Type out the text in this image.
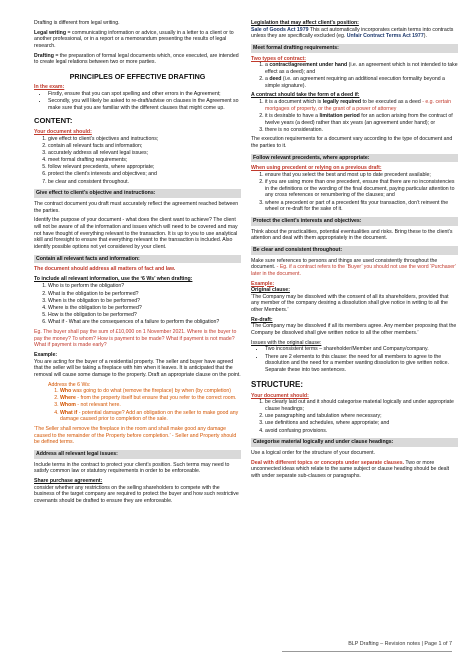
Drafting is different from legal writing.

Legal writing = communicating information or advice, usually in a letter to a client or to another professional, or in a report or a memorandum presenting the results of legal research.

Drafting = the preparation of formal legal documents which, once executed, are intended to create legal relations between two or more parties.

PRINCIPLES OF EFFECTIVE DRAFTING
In the exam:
• Firstly, ensure that you can spot spelling and other errors in the Agreement;
• Secondly, you will likely be asked to re-draft/advise on clauses in the Agreement so make sure that you are familiar with the different clauses that might come up.
CONTENT:
Your document should:
1. give effect to client’s objectives and instructions;
2. contain all relevant facts and information;
3. accurately address all relevant legal issues;
4. meet formal drafting requirements;
5. follow relevant precedents, where appropriate;
6. protect the client’s interests and objectives; and
7. be clear and consistent throughout.
Give effect to client’s objective and instructions:

The contract document you draft must accurately reflect the agreement reached between the parties.

Identify the purpose of your document - what does the client want to achieve? The client will not be aware of all the information and issues which will need to be covered and may not have thought of everything relevant to the transaction. It is up to you to use analytical skill and foresight to ensure that everything relevant to the transaction is included. Also identify possible options not yet considered by your client.

Contain all relevant facts and information:

The document should address all matters of fact and law.

To include all relevant information, use the ‘6 Ws’ when drafting:

1. Who is to perform the obligation?
2. What is the obligation to be performed?
3. When is the obligation to be performed?
4. Where is the obligation to be performed?
5. How is the obligation to be performed?
6. What if - What are the consequences of a failure to perform the obligation?

Eg. The buyer shall pay the sum of £10,000 on 1 November 2021. Where is the buyer to pay the money? To whom? How is payment to be made? What if payment is not made? What if payment is made early?

Example:

You are acting for the buyer of a residential property. The seller and buyer have agreed that the seller will be taking a fireplace with him when it leaves. It is anticipated that the removal will cause some damage to the property. Draft an appropriate clause on the point.

Address the 6 Ws:
1. Who was going to do what (remove the fireplace) by when (by completion)
2. Where - from the property itself but ensure that you refer to the correct room.
3. Whom - not relevant here.
4. What if - potential damage? Add an obligation on the seller to make good any damage caused prior to completion of the sale.

‘The Seller shall remove the fireplace in the room and shall make good any damage caused to the remainder of the Property before completion.’ - Seller and Property should be defined terms.

Address all relevant legal issues:

Include terms in the contract to protect your client’s position. Such terms may need to satisfy common law or statutory requirements in order to be enforceable.

Share purchase agreement:

consider whether any restrictions on the selling shareholders to compete with the business of the target company are required to protect the buyer and how such restrictive covenants should be drafted to ensure they are enforceable.

Legislation that may affect client’s position:

Sale of Goods Act 1979 This act automatically incorporates certain terms into contracts unless they are specifically excluded (eg. Unfair Contract Terms Act 1977).

Meet formal drafting requirements:
Two types of contract:
1. a contract/agreement under hand (i.e. an agreement which is not intended to take effect as a deed); and
2. a deed (i.e. an agreement requiring an additional execution formality beyond a simple signature).
A contract should take the form of a deed if:
1. it is a document which is legally required to be executed as a deed - e.g. certain mortgages of property, or the grant of a power of attorney
2. it is desirable to have a limitation period for an action arising from the contract of twelve years (a deed) rather than six years (an agreement under hand); or
3. there is no consideration.

The execution requirements for a document vary according to the type of document and the parties to it.

Follow relevant precedents, where appropriate:
When using precedent or relying on a previous draft:
1. ensure that you select the best and most up to date precedent available;
2. if you are using more than one precedent, ensure that there are no inconsistencies in the definitions or the wording of the final document, paying particular attention to any cross references or renumbering of the clauses; and
3. where a precedent or part of a precedent fits your transaction, don’t reinvent the wheel or re-draft for the sake of it.
Protect the client’s interests and objectives:

Think about the practicalities, potential eventualities and risks. Bring these to the client’s attention and deal with them appropriately in the document.

Be clear and consistent throughout:

Make sure references to persons and things are used consistently throughout the document. - Eg. if a contract refers to the ‘Buyer’ you should not use the word ‘Purchaser’ later in the document.

Example:
Original clause:

‘The Company may be dissolved with the consent of all its shareholders, provided that any member of the company desiring a dissolution shall give notice in writing to all the other Members.’

Re-draft:

‘The Company may be dissolved if all its members agree. Any member proposing that the Company be dissolved shall give written notice to all the other members.’

Issues with the original clause:
• Two inconsistent terms – shareholder/Member and Company/company.
• There are 2 elements to this clause: the need for all members to agree to the dissolution and the need for a member wanting dissolution to give written notice. Separate these into two sentences.
STRUCTURE:
Your document should:
1. be clearly laid out and it should categorise material logically and under appropriate clause headings;
2. use paragraphing and tabulation where necessary;
3. use definitions and schedules, where appropriate; and
4. avoid confusing provisions.
Categorise material logically and under clause headings:

Use a logical order for the structure of your document.

Deal with different topics or concepts under separate clauses. Two or more unconnected ideas which relate to the same subject or clause heading should be dealt with under separate sub-clauses or paragraphs.

BLP Drafting – Revision notes | Page 1 of 7
